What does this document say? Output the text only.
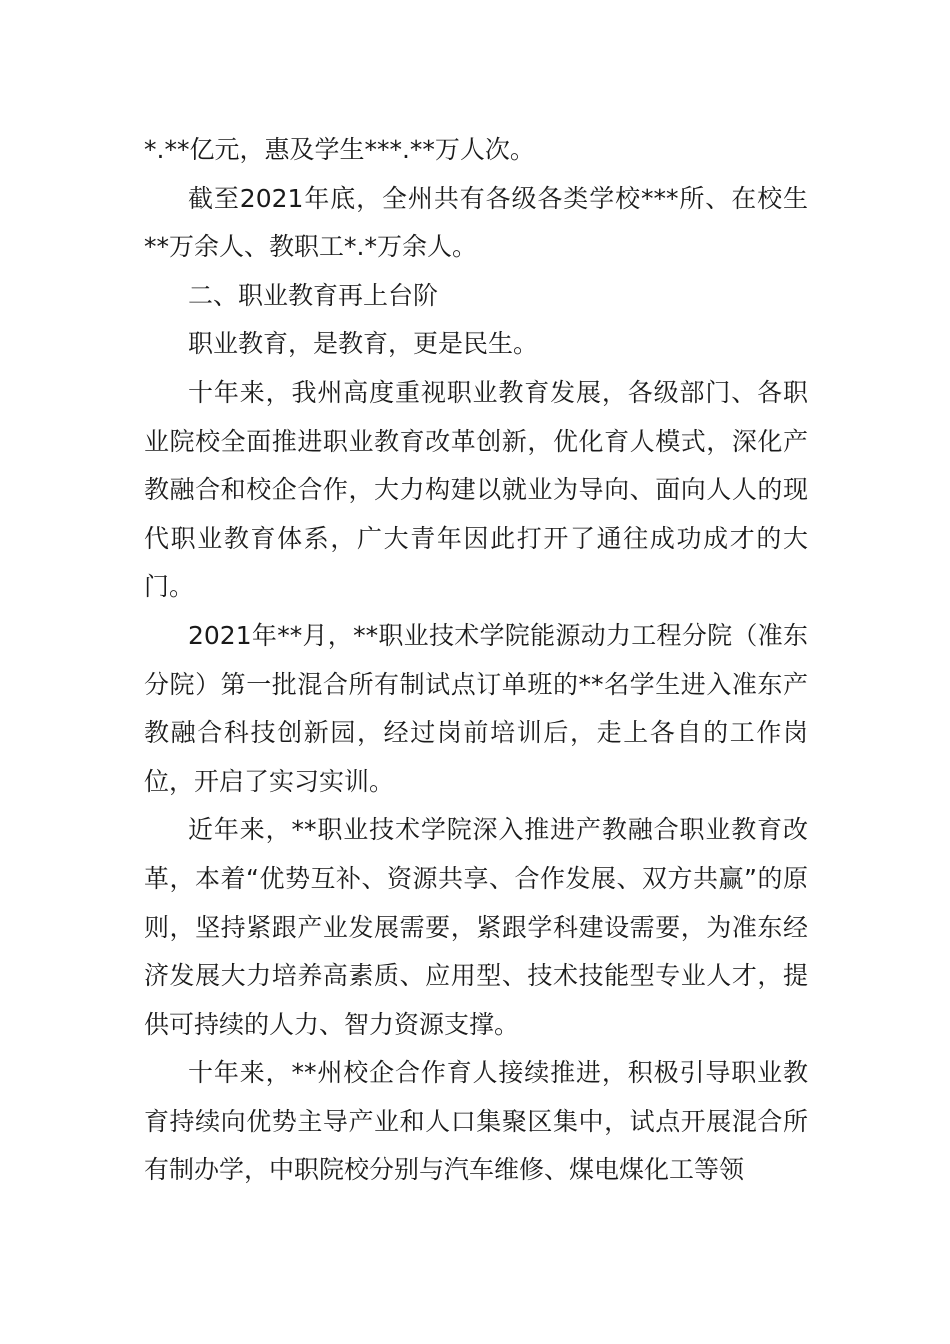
*.**亿元，惠及学生***.**万人次。

截至2021年底，全州共有各级各类学校***所、在校生**万余人、教职工*.*万余人。

二、职业教育再上台阶

职业教育，是教育，更是民生。

十年来，我州高度重视职业教育发展，各级部门、各职业院校全面推进职业教育改革创新，优化育人模式，深化产教融合和校企合作，大力构建以就业为导向、面向人人的现代职业教育体系，广大青年因此打开了通往成功成才的大门。

2021年**月，**职业技术学院能源动力工程分院（准东分院）第一批混合所有制试点订单班的**名学生进入准东产教融合科技创新园，经过岗前培训后，走上各自的工作岗位，开启了实习实训。

近年来，**职业技术学院深入推进产教融合职业教育改革，本着“优势互补、资源共享、合作发展、双方共赢”的原则，坚持紧跟产业发展需要，紧跟学科建设需要，为准东经济发展大力培养高素质、应用型、技术技能型专业人才，提供可持续的人力、智力资源支撑。

十年来，**州校企合作育人接续推进，积极引导职业教育持续向优势主导产业和人口集聚区集中，试点开展混合所有制办学，中职院校分别与汽车维修、煤电煤化工等领
